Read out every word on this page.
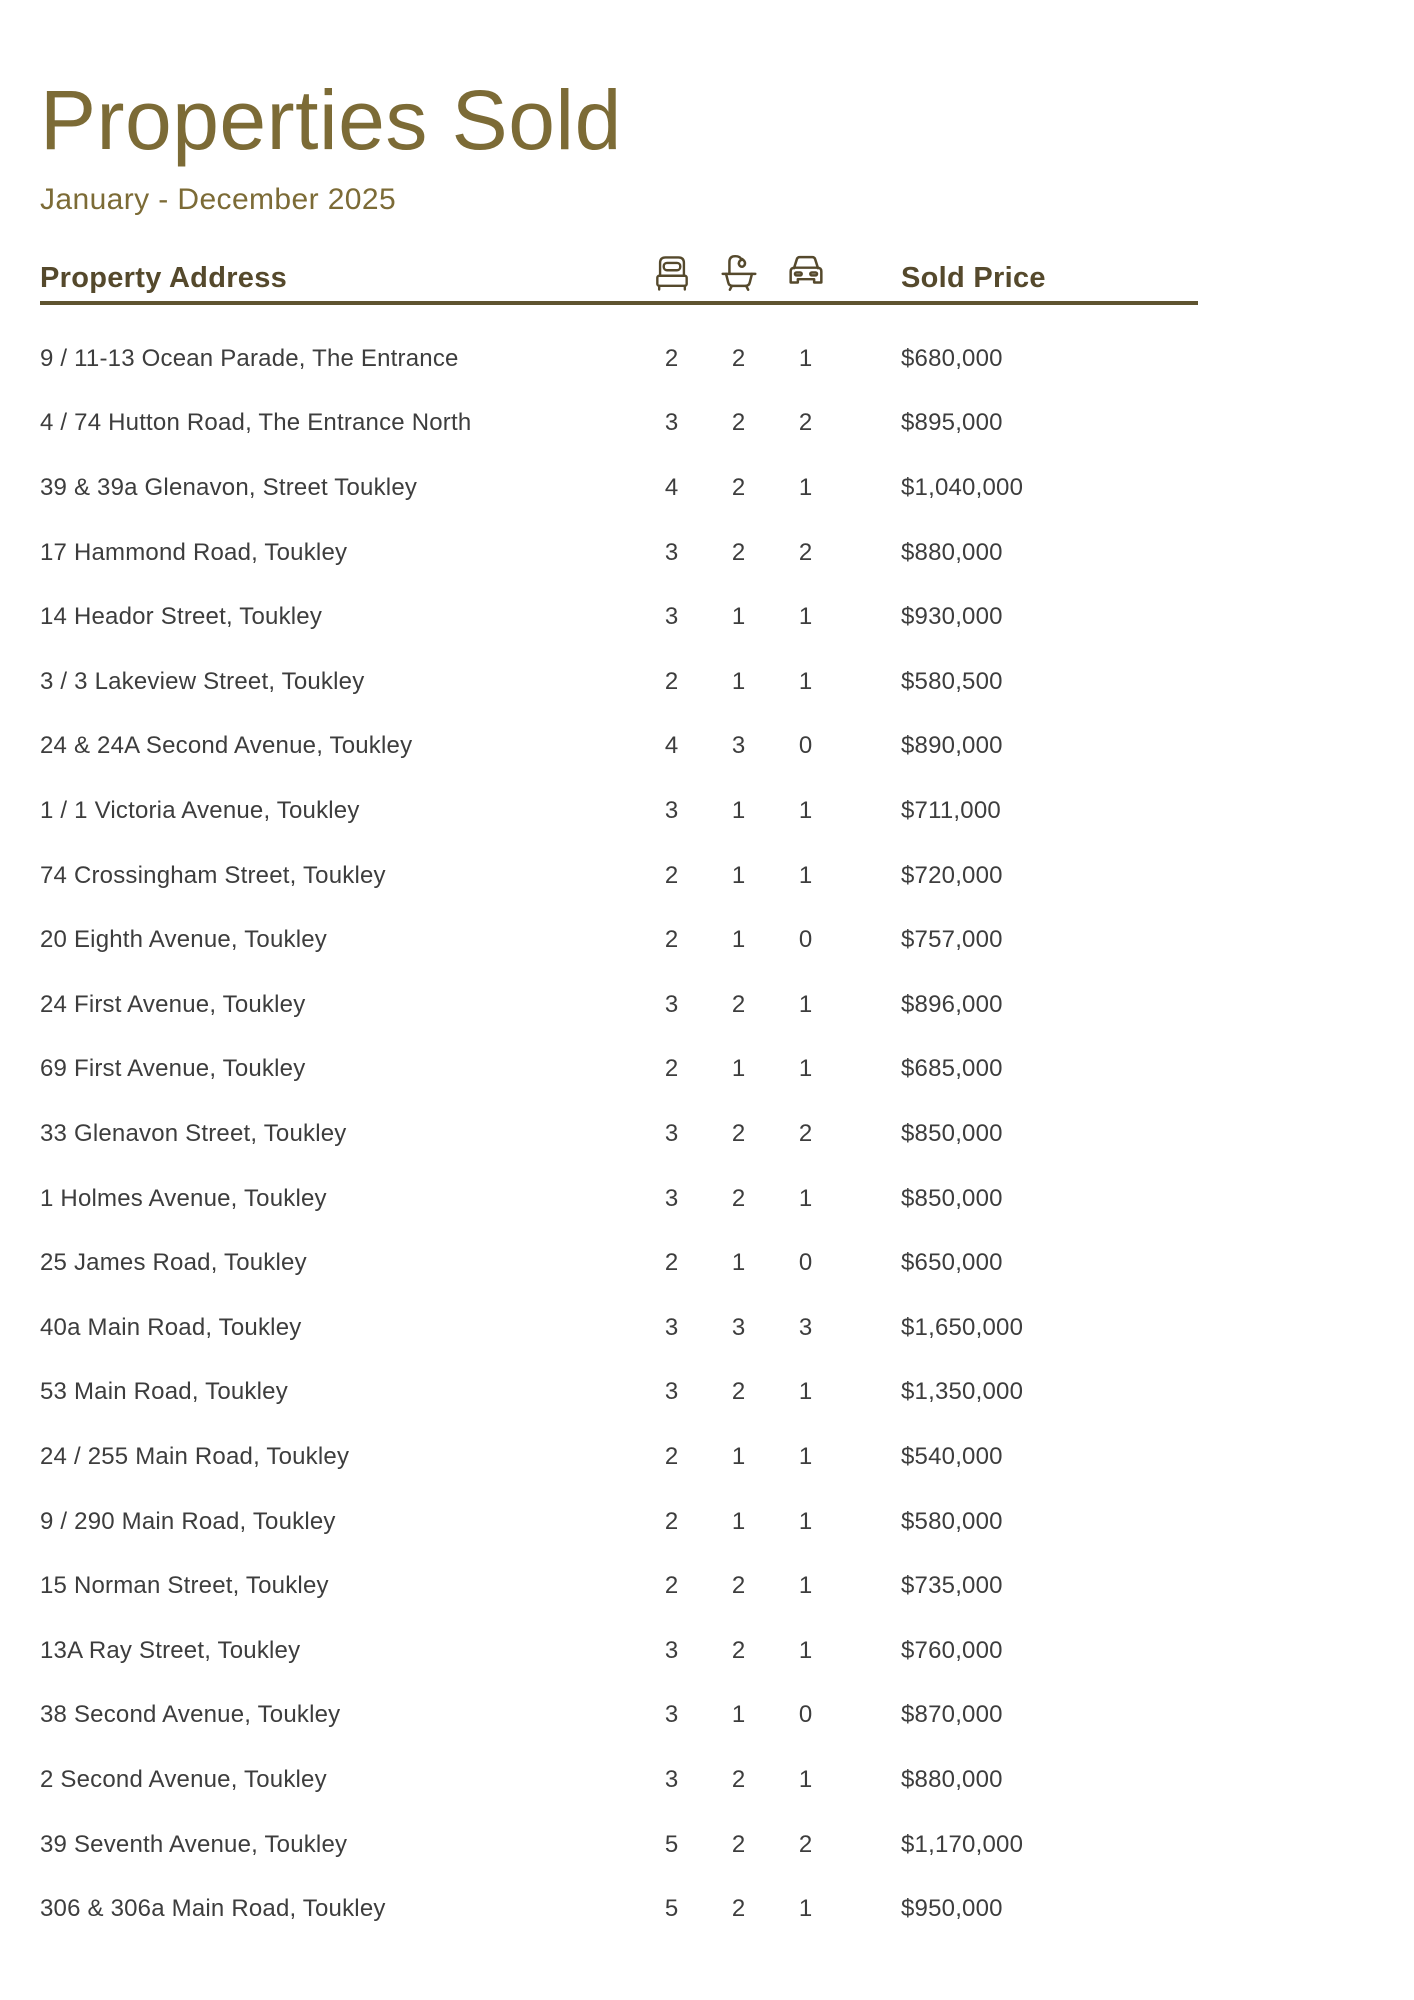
Properties Sold
January - December 2025
Property Address	Sold Price
9 / 11-13 Ocean Parade, The Entrance	2	2	1	$680,000
4 / 74 Hutton Road, The Entrance North	3	2	2	$895,000
39 & 39a Glenavon, Street Toukley	4	2	1	$1,040,000
17 Hammond Road, Toukley	3	2	2	$880,000
14 Heador Street, Toukley	3	1	1	$930,000
3 / 3 Lakeview Street, Toukley	2	1	1	$580,500
24 & 24A Second Avenue, Toukley	4	3	0	$890,000
1 / 1 Victoria Avenue, Toukley	3	1	1	$711,000
74 Crossingham Street, Toukley	2	1	1	$720,000
20 Eighth Avenue, Toukley	2	1	0	$757,000
24 First Avenue, Toukley	3	2	1	$896,000
69 First Avenue, Toukley	2	1	1	$685,000
33 Glenavon Street, Toukley	3	2	2	$850,000
1 Holmes Avenue, Toukley	3	2	1	$850,000
25 James Road, Toukley	2	1	0	$650,000
40a Main Road, Toukley	3	3	3	$1,650,000
53 Main Road, Toukley	3	2	1	$1,350,000
24 / 255 Main Road, Toukley	2	1	1	$540,000
9 / 290 Main Road, Toukley	2	1	1	$580,000
15 Norman Street, Toukley	2	2	1	$735,000
13A Ray Street, Toukley	3	2	1	$760,000
38 Second Avenue, Toukley	3	1	0	$870,000
2 Second Avenue, Toukley	3	2	1	$880,000
39 Seventh Avenue, Toukley	5	2	2	$1,170,000
306 & 306a Main Road, Toukley	5	2	1	$950,000
